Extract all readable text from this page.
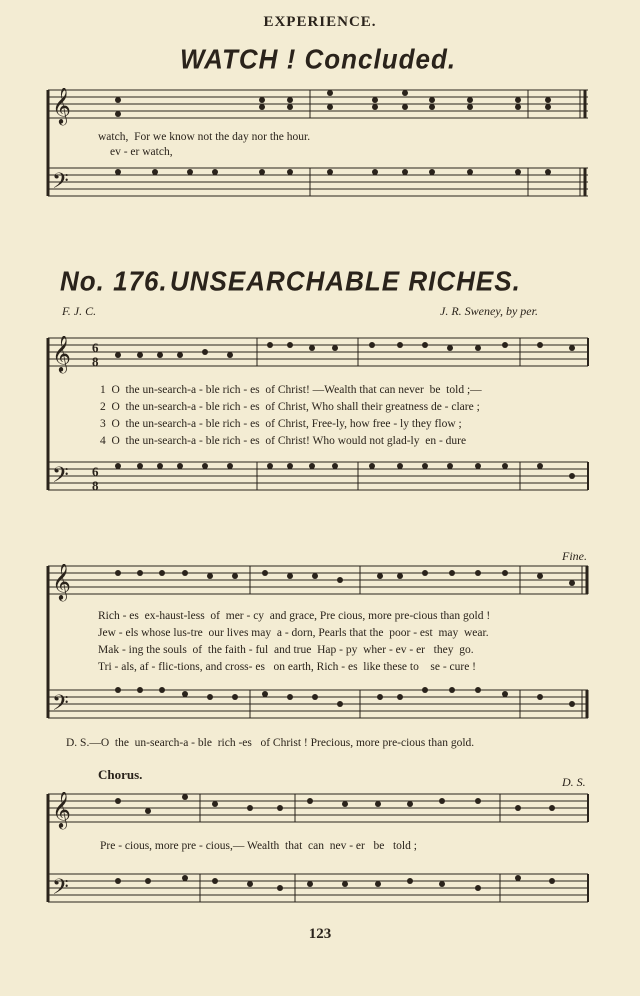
EXPERIENCE.
WATCH ! Concluded.
𝄞
𝄢
watch,  For we know not the day nor the hour.
ev - er watch,
No. 176. UNSEARCHABLE RICHES.
F. J. C.	J. R. Sweney, by per.
𝄞
𝄢
6
8
6
8
1  O  the un-search-a - ble rich - es  of Christ! —Wealth that can never  be  told ;—
2  O  the un-search-a - ble rich - es  of Christ, Who shall their greatness de - clare ;
3  O  the un-search-a - ble rich - es  of Christ, Free-ly, how free - ly they flow ;
4  O  the un-search-a - ble rich - es  of Christ! Who would not glad-ly  en - dure
Fine.
𝄞
𝄢
Rich - es  ex-haust-less  of  mer - cy  and grace, Pre cious, more pre-cious than gold !
Jew - els whose lus-tre  our lives may  a - dorn, Pearls that the  poor - est  may  wear.
Mak - ing the souls  of  the faith - ful  and true  Hap - py  wher - ev - er   they  go.
Tri - als, af - flic-tions, and cross- es   on earth, Rich - es  like these to    se - cure !
D. S.—O  the  un-search-a - ble  rich -es   of Christ ! Precious, more pre-cious than gold.
Chorus.	D. S.
𝄞
𝄢
Pre - cious, more pre - cious,— Wealth  that  can  nev - er   be   told ;
123
